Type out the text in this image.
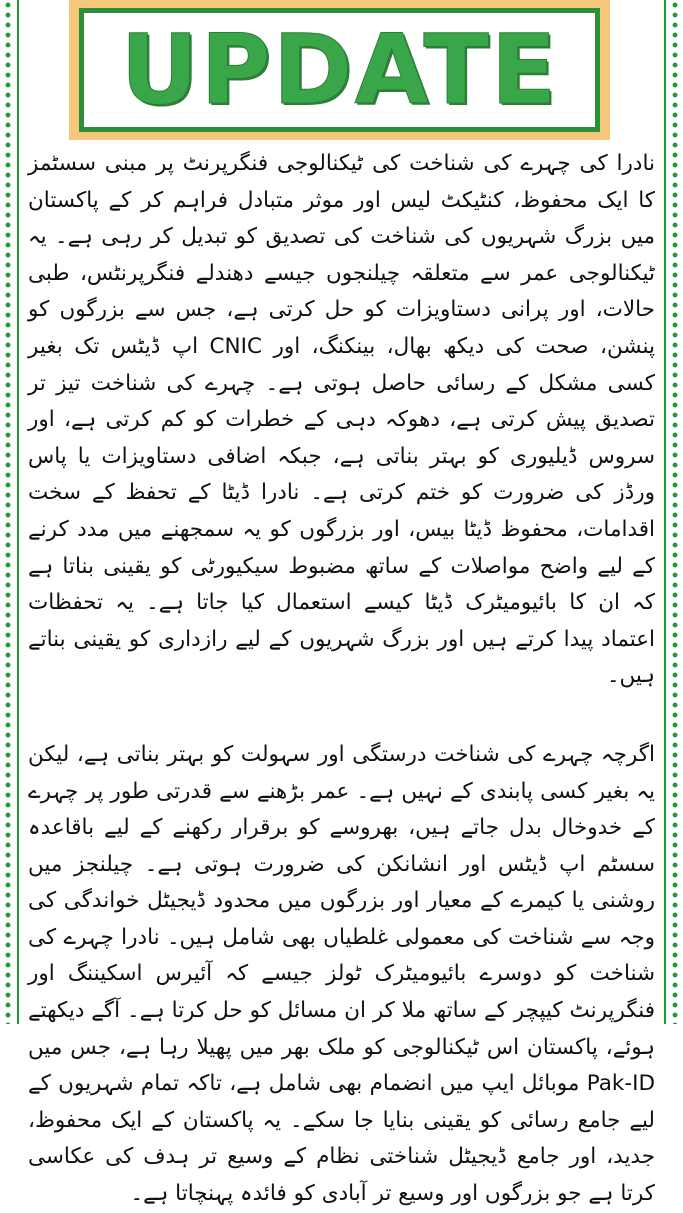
UPDATE

نادرا کی چہرے کی شناخت کی ٹیکنالوجی فنگرپرنٹ پر مبنی سسٹمز کا ایک محفوظ، کنٹیکٹ لیس اور موثر متبادل فراہم کر کے پاکستان میں بزرگ شہریوں کی شناخت کی تصدیق کو تبدیل کر رہی ہے۔ یہ ٹیکنالوجی عمر سے متعلقہ چیلنجوں جیسے دھندلے فنگرپرنٹس، طبی حالات، اور پرانی دستاویزات کو حل کرتی ہے، جس سے بزرگوں کو پنشن، صحت کی دیکھ بھال، بینکنگ، اور CNIC اپ ڈیٹس تک بغیر کسی مشکل کے رسائی حاصل ہوتی ہے۔ چہرے کی شناخت تیز تر تصدیق پیش کرتی ہے، دھوکہ دہی کے خطرات کو کم کرتی ہے، اور سروس ڈیلیوری کو بہتر بناتی ہے، جبکہ اضافی دستاویزات یا پاس ورڈز کی ضرورت کو ختم کرتی ہے۔ نادرا ڈیٹا کے تحفظ کے سخت اقدامات، محفوظ ڈیٹا بیس، اور بزرگوں کو یہ سمجھنے میں مدد کرنے کے لیے واضح مواصلات کے ساتھ مضبوط سیکیورٹی کو یقینی بناتا ہے کہ ان کا بائیومیٹرک ڈیٹا کیسے استعمال کیا جاتا ہے۔ یہ تحفظات اعتماد پیدا کرتے ہیں اور بزرگ شہریوں کے لیے رازداری کو یقینی بناتے ہیں۔

اگرچہ چہرے کی شناخت درستگی اور سہولت کو بہتر بناتی ہے، لیکن یہ بغیر کسی پابندی کے نہیں ہے۔ عمر بڑھنے سے قدرتی طور پر چہرے کے خدوخال بدل جاتے ہیں، بھروسے کو برقرار رکھنے کے لیے باقاعدہ سسٹم اپ ڈیٹس اور انشانکن کی ضرورت ہوتی ہے۔ چیلنجز میں روشنی یا کیمرے کے معیار اور بزرگوں میں محدود ڈیجیٹل خواندگی کی وجہ سے شناخت کی معمولی غلطیاں بھی شامل ہیں۔ نادرا چہرے کی شناخت کو دوسرے بائیومیٹرک ٹولز جیسے کہ آئیرس اسکیننگ اور فنگرپرنٹ کیپچر کے ساتھ ملا کر ان مسائل کو حل کرتا ہے۔ آگے دیکھتے ہوئے، پاکستان اس ٹیکنالوجی کو ملک بھر میں پھیلا رہا ہے، جس میں Pak-ID موبائل ایپ میں انضمام بھی شامل ہے، تاکہ تمام شہریوں کے لیے جامع رسائی کو یقینی بنایا جا سکے۔ یہ پاکستان کے ایک محفوظ، جدید، اور جامع ڈیجیٹل شناختی نظام کے وسیع تر ہدف کی عکاسی کرتا ہے جو بزرگوں اور وسیع تر آبادی کو فائدہ پہنچاتا ہے۔
